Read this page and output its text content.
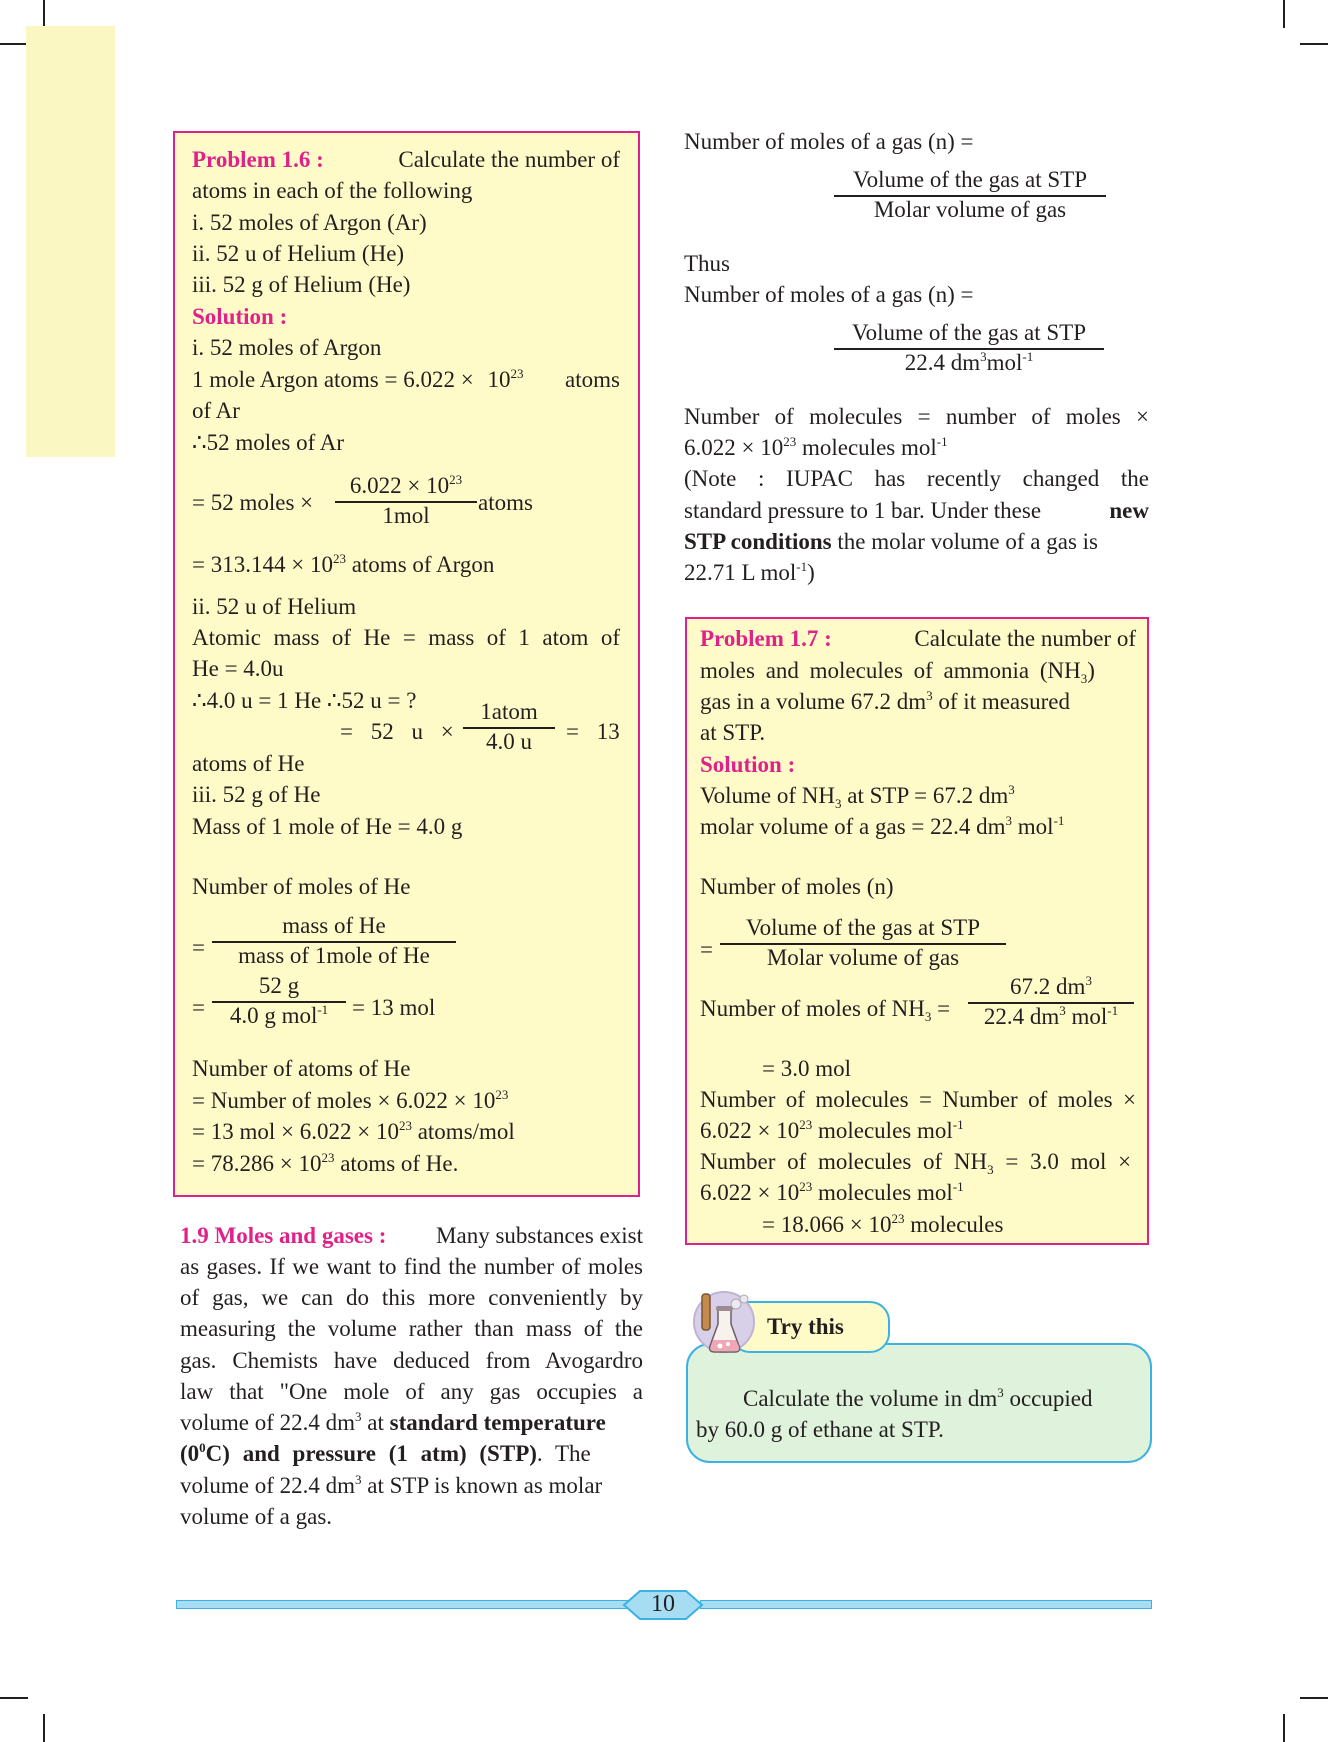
Problem 1.6 :	Calculate the number of
atoms in each of the following
i. 52 moles of Argon (Ar)
ii. 52 u of Helium (He)
iii. 52 g of Helium (He)
Solution :
i. 52 moles of Argon
1 mole Argon atoms = $6.022 \times 10^{23}$ atoms
of Ar
∴52 moles of Ar
= 52 moles ×
$6.022 \times 10^{23}$
1mol
atoms
= $313.144 \times 10^{23}$ atoms of Argon
ii. 52 u of Helium
Atomic mass of He = mass of 1 atom of
He = 4.0u
∴4.0 u = 1 He ∴52 u = ?
= 52 u ×
1atom
4.0 u	= 13
atoms of He
iii. 52 g of He
Mass of 1 mole of He = 4.0 g
Number of moles of He
=
mass of He
mass of 1mole of He
=
52 g
4.0 g mol$^{-1}$	= 13 mol
Number of atoms of He
= Number of moles × $6.022 \times 10^{23}$
= 13 mol × $6.022 \times 10^{23}$ atoms/mol
= $78.286 \times 10^{23}$ atoms of He.
1.9 Moles and gases : Many substances exist
as gases. If we want to find the number of moles
of gas, we can do this more conveniently by
measuring the volume rather than mass of the
gas. Chemists have deduced from Avogardro
law that "One mole of any gas occupies a
volume of 22.4 $dm^3$ at standard temperature
$(0^0C)$ and pressure (1 atm) (STP). The
volume of 22.4 $dm^3$ at STP is known as molar
volume of a gas.
Number of moles of a gas (n) =
Volume of the gas at STP
Molar volume of gas
Thus
Number of moles of a gas (n) =
Volume of the gas at STP
22.4 $dm^3mol^{-1}$
Number of molecules = number of moles ×
$6.022 \times 10^{23}$ molecules mol$^{-1}$
(Note : IUPAC has recently changed the
standard pressure to 1 bar. Under these	new
STP conditions the molar volume of a gas is
22.71 L mol$^{-1}$)
Problem 1.7 :	Calculate the number of
moles and molecules of ammonia $(NH_3)$
gas in a volume 67.2 $dm^3$ of it measured
at STP.
Solution :
Volume of $NH_3$ at STP = 67.2 $dm^3$
molar volume of a gas = 22.4 $dm^3$ mol$^{-1}$
Number of moles (n)
=
Volume of the gas at STP
Molar volume of gas
Number of moles of $NH_3$ =
67.2 $dm^3$
22.4 $dm^3$ mol$^{-1}$
= 3.0 mol
Number of molecules = Number of moles ×
$6.022 \times 10^{23}$ molecules mol$^{-1}$
Number of molecules of $NH_3 = 3.0$ mol ×
$6.022 \times 10^{23}$ molecules mol$^{-1}$
= $18.066 \times 10^{23}$ molecules
Try this
Calculate the volume in $dm^3$ occupied
by 60.0 g of ethane at STP.
10
